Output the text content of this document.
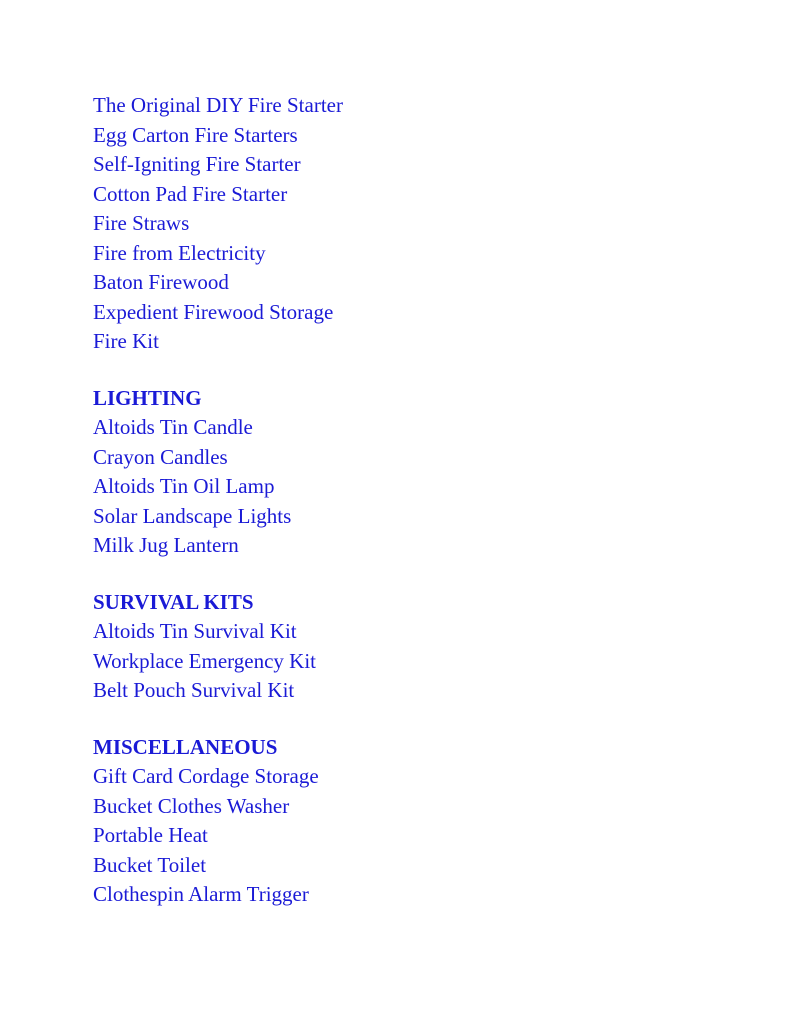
The Original DIY Fire Starter
Egg Carton Fire Starters
Self-Igniting Fire Starter
Cotton Pad Fire Starter
Fire Straws
Fire from Electricity
Baton Firewood
Expedient Firewood Storage
Fire Kit
LIGHTING
Altoids Tin Candle
Crayon Candles
Altoids Tin Oil Lamp
Solar Landscape Lights
Milk Jug Lantern
SURVIVAL KITS
Altoids Tin Survival Kit
Workplace Emergency Kit
Belt Pouch Survival Kit
MISCELLANEOUS
Gift Card Cordage Storage
Bucket Clothes Washer
Portable Heat
Bucket Toilet
Clothespin Alarm Trigger
